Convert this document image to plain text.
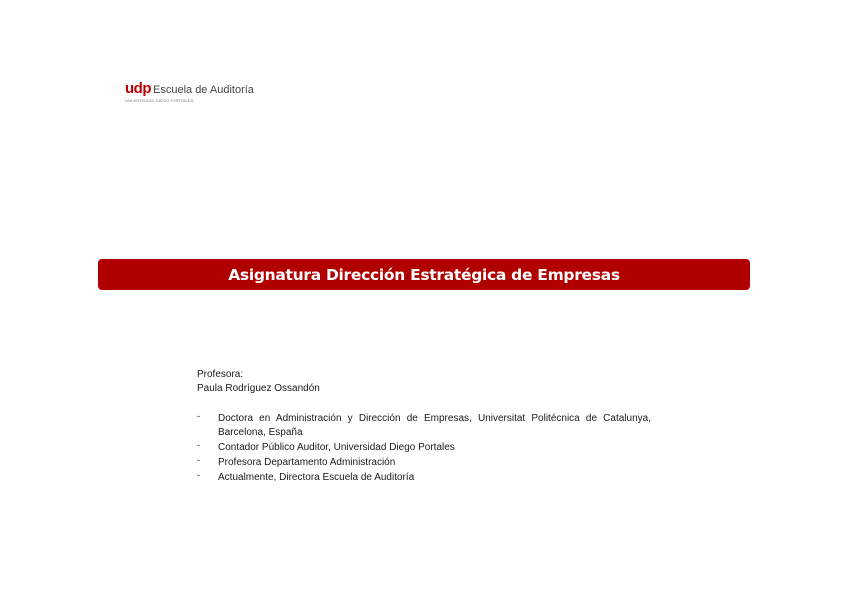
udp Escuela de Auditoría
UNIVERSIDAD DIEGO PORTALES
Asignatura Dirección Estratégica de Empresas

Profesora:

Paula Rodríguez Ossandón

- Doctora en Administración y Dirección de Empresas, Universitat Politécnica de Catalunya, Barcelona, España
- Contador Público Auditor, Universidad Diego Portales
- Profesora Departamento Administración
- Actualmente, Directora Escuela de Auditoría
